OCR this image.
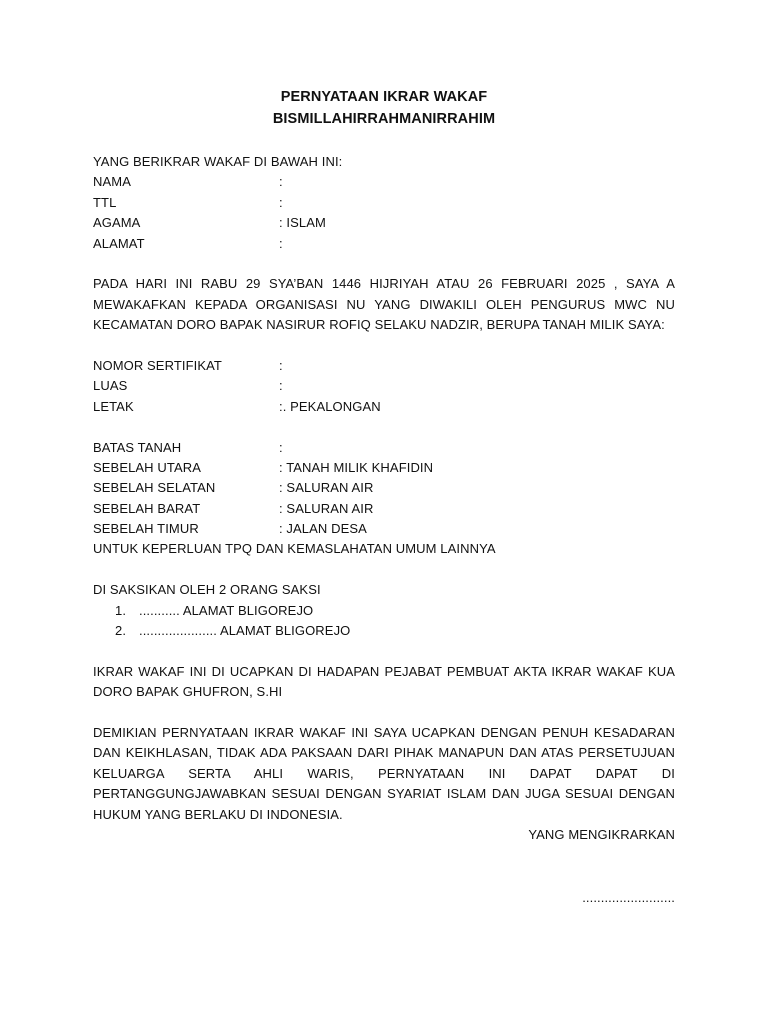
PERNYATAAN IKRAR WAKAF
BISMILLAHIRRAHMANIRRAHIM
YANG BERIKRAR WAKAF DI BAWAH INI:
NAMA	:
TTL	:
AGAMA	: ISLAM
ALAMAT	:
PADA HARI INI RABU 29 SYA’BAN 1446 HIJRIYAH ATAU 26 FEBRUARI 2025 , SAYA A MEWAKAFKAN KEPADA ORGANISASI NU YANG DIWAKILI OLEH PENGURUS MWC NU KECAMATAN DORO BAPAK NASIRUR ROFIQ SELAKU NADZIR, BERUPA TANAH MILIK SAYA:
NOMOR SERTIFIKAT	:
LUAS	:
LETAK	:. PEKALONGAN
BATAS TANAH	:
SEBELAH UTARA	: TANAH MILIK KHAFIDIN
SEBELAH SELATAN	: SALURAN AIR
SEBELAH BARAT	: SALURAN AIR
SEBELAH TIMUR	: JALAN DESA
UNTUK KEPERLUAN TPQ DAN KEMASLAHATAN UMUM LAINNYA
DI SAKSIKAN OLEH 2 ORANG SAKSI
1. ........... ALAMAT BLIGOREJO
2. ..................... ALAMAT BLIGOREJO
IKRAR WAKAF INI DI UCAPKAN DI HADAPAN PEJABAT PEMBUAT AKTA IKRAR WAKAF KUA DORO BAPAK GHUFRON, S.HI
DEMIKIAN PERNYATAAN IKRAR WAKAF INI SAYA UCAPKAN DENGAN PENUH KESADARAN DAN KEIKHLASAN, TIDAK ADA PAKSAAN DARI PIHAK MANAPUN DAN ATAS PERSETUJUAN KELUARGA SERTA AHLI WARIS, PERNYATAAN INI DAPAT DAPAT DI PERTANGGUNGJAWABKAN SESUAI DENGAN SYARIAT ISLAM DAN JUGA SESUAI DENGAN HUKUM YANG BERLAKU DI INDONESIA.
YANG MENGIKRARKAN
.........................
